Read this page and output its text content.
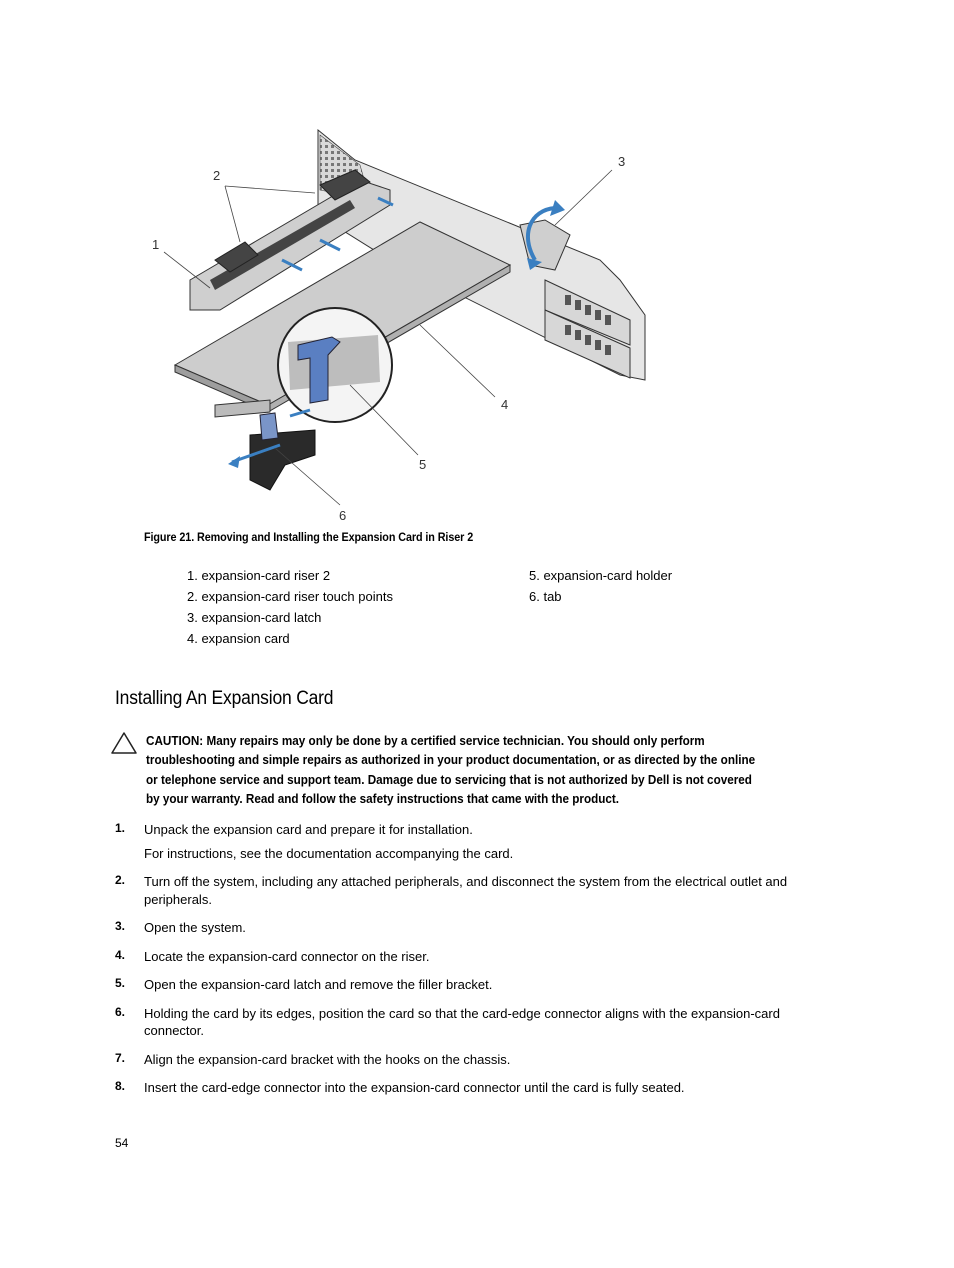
1
2
3
4
5
6
Figure 21. Removing and Installing the Expansion Card in Riser 2
1. expansion-card riser 2
2. expansion-card riser touch points
3. expansion-card latch
4. expansion card
5. expansion-card holder
6. tab
Installing An Expansion Card
CAUTION: Many repairs may only be done by a certified service technician. You should only perform troubleshooting and simple repairs as authorized in your product documentation, or as directed by the online or telephone service and support team. Damage due to servicing that is not authorized by Dell is not covered by your warranty. Read and follow the safety instructions that came with the product.
1. Unpack the expansion card and prepare it for installation.
For instructions, see the documentation accompanying the card.
2. Turn off the system, including any attached peripherals, and disconnect the system from the electrical outlet and peripherals.
3. Open the system.
4. Locate the expansion-card connector on the riser.
5. Open the expansion-card latch and remove the filler bracket.
6. Holding the card by its edges, position the card so that the card-edge connector aligns with the expansion-card connector.
7. Align the expansion-card bracket with the hooks on the chassis.
8. Insert the card-edge connector into the expansion-card connector until the card is fully seated.
54
